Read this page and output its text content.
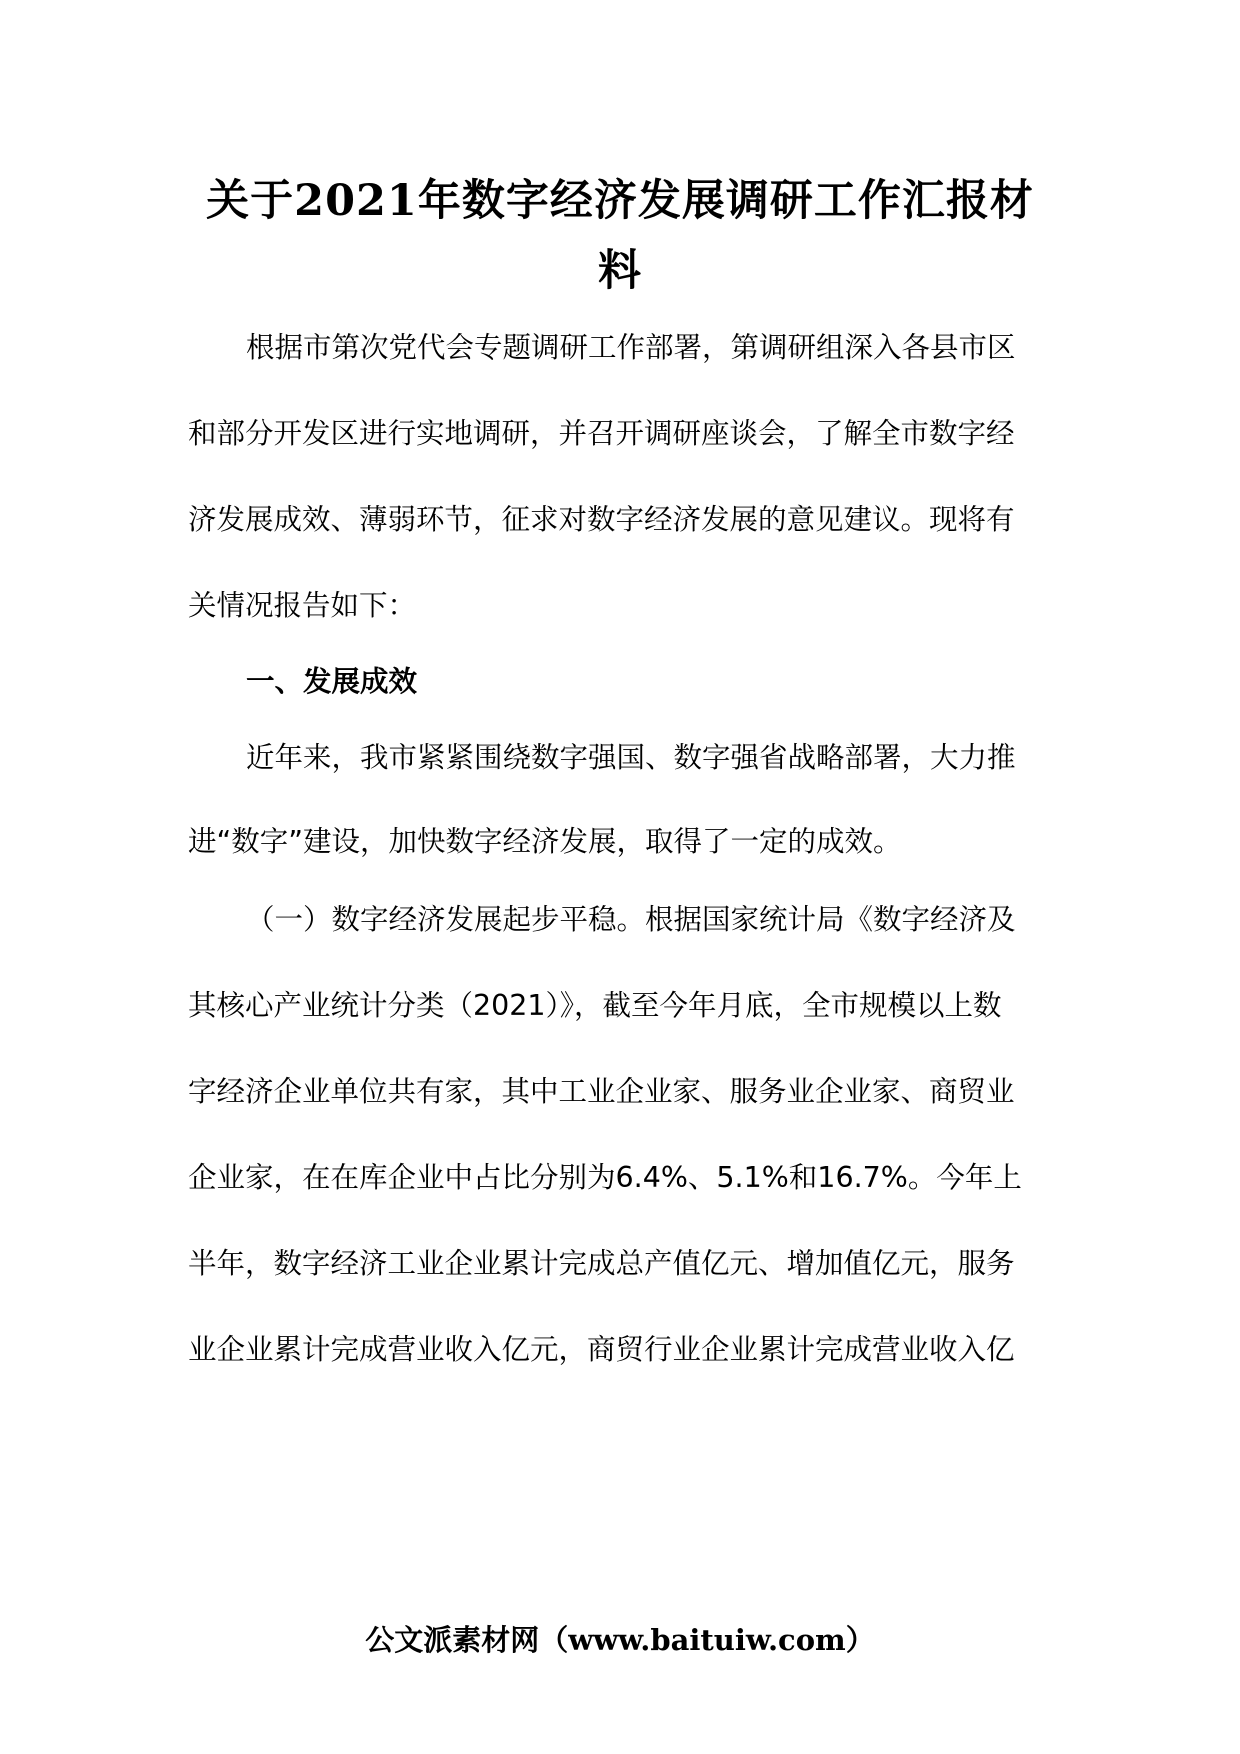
关于2021年数字经济发展调研工作汇报材
料
根据市第次党代会专题调研工作部署，第调研组深入各县市区
和部分开发区进行实地调研，并召开调研座谈会，了解全市数字经
济发展成效、薄弱环节，征求对数字经济发展的意见建议。现将有
关情况报告如下：
一、发展成效
近年来，我市紧紧围绕数字强国、数字强省战略部署，大力推
进“数字”建设，加快数字经济发展，取得了一定的成效。
（一）数字经济发展起步平稳。根据国家统计局《数字经济及
其核心产业统计分类（2021）》，截至今年月底，全市规模以上数
字经济企业单位共有家，其中工业企业家、服务业企业家、商贸业
企业家，在在库企业中占比分别为6.4%、5.1%和16.7%。今年上
半年，数字经济工业企业累计完成总产值亿元、增加值亿元，服务
业企业累计完成营业收入亿元，商贸行业企业累计完成营业收入亿
公文派素材网（www.baituiw.com）
